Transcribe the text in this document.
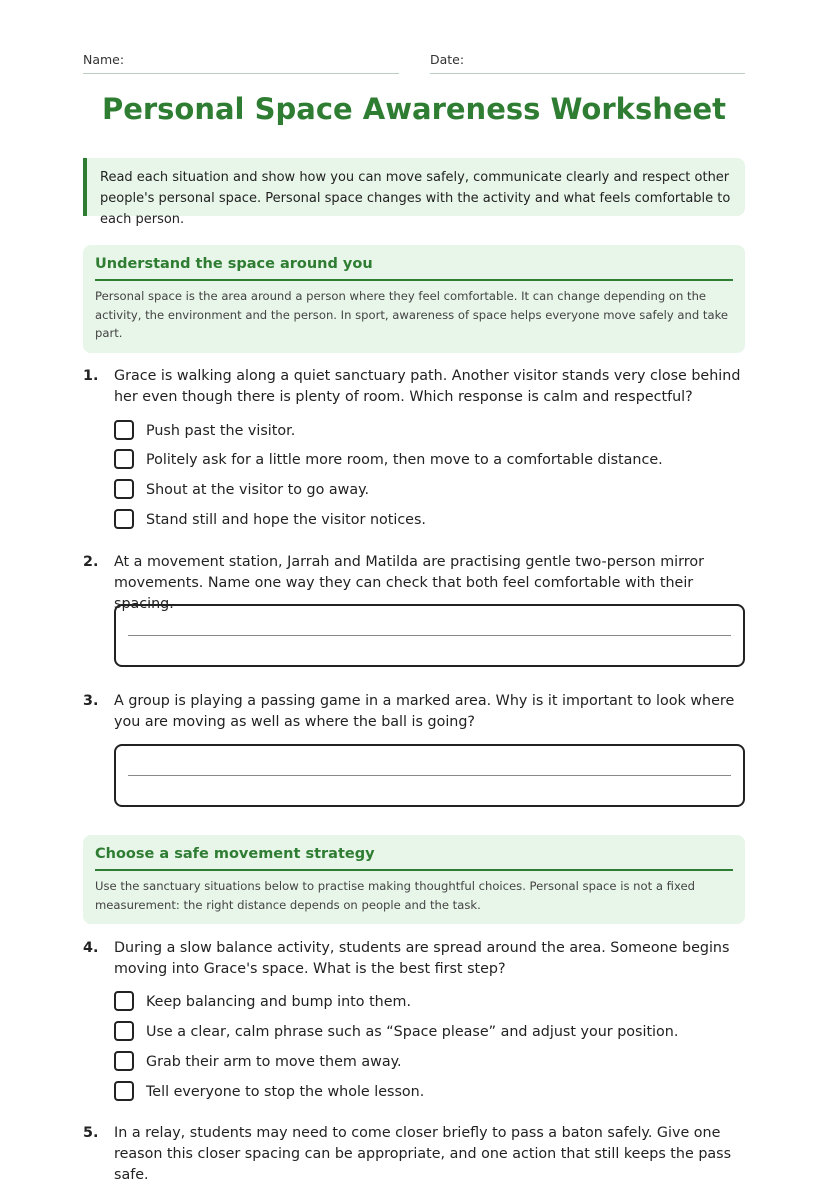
Name:	Date:
Personal Space Awareness Worksheet
Read each situation and show how you can move safely, communicate clearly and respect other people's personal space. Personal space changes with the activity and what feels comfortable to each person.
Understand the space around you

Personal space is the area around a person where they feel comfortable. It can change depending on the activity, the environment and the person. In sport, awareness of space helps everyone move safely and take part.

1.	Grace is walking along a quiet sanctuary path. Another visitor stands very close behind her even though there is plenty of room. Which response is calm and respectful?
Push past the visitor.
Politely ask for a little more room, then move to a comfortable distance.
Shout at the visitor to go away.
Stand still and hope the visitor notices.
2.	At a movement station, Jarrah and Matilda are practising gentle two-person mirror movements. Name one way they can check that both feel comfortable with their spacing.
3.	A group is playing a passing game in a marked area. Why is it important to look where you are moving as well as where the ball is going?
Choose a safe movement strategy

Use the sanctuary situations below to practise making thoughtful choices. Personal space is not a fixed measurement: the right distance depends on people and the task.

4.	During a slow balance activity, students are spread around the area. Someone begins moving into Grace's space. What is the best first step?
Keep balancing and bump into them.
Use a clear, calm phrase such as “Space please” and adjust your position.
Grab their arm to move them away.
Tell everyone to stop the whole lesson.
5.	In a relay, students may need to come closer briefly to pass a baton safely. Give one reason this closer spacing can be appropriate, and one action that still keeps the pass safe.
